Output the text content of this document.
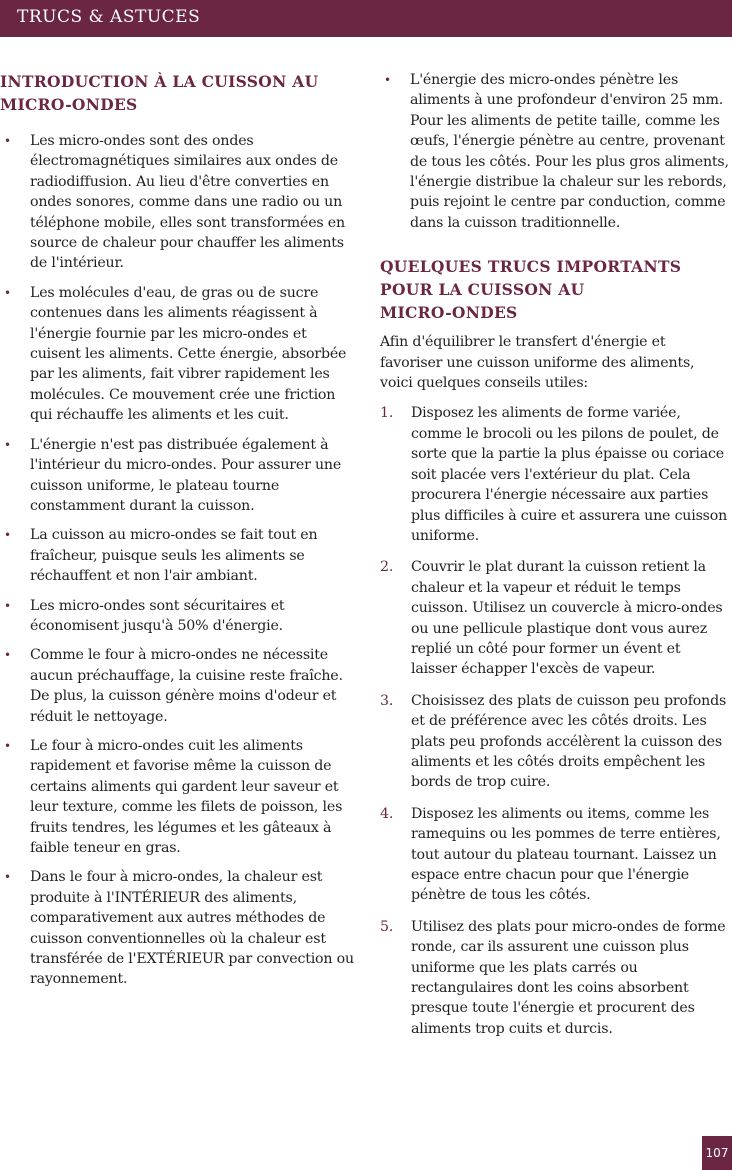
TRUCS & ASTUCES
INTRODUCTION À LA CUISSON AU
MICRO-ONDES
• Les micro-ondes sont des ondes électromagnétiques similaires aux ondes de radiodiffusion. Au lieu d'être converties en ondes sonores, comme dans une radio ou un téléphone mobile, elles sont transformées en source de chaleur pour chauffer les aliments de l'intérieur.
• Les molécules d'eau, de gras ou de sucre contenues dans les aliments réagissent à l'énergie fournie par les micro-ondes et cuisent les aliments. Cette énergie, absorbée par les aliments, fait vibrer rapidement les molécules. Ce mouvement crée une friction qui réchauffe les aliments et les cuit.
• L'énergie n'est pas distribuée également à l'intérieur du micro-ondes. Pour assurer une cuisson uniforme, le plateau tourne constamment durant la cuisson.
• La cuisson au micro-ondes se fait tout en fraîcheur, puisque seuls les aliments se réchauffent et non l'air ambiant.
• Les micro-ondes sont sécuritaires et économisent jusqu'à 50% d'énergie.
• Comme le four à micro-ondes ne nécessite aucun préchauffage, la cuisine reste fraîche. De plus, la cuisson génère moins d'odeur et réduit le nettoyage.
• Le four à micro-ondes cuit les aliments rapidement et favorise même la cuisson de certains aliments qui gardent leur saveur et leur texture, comme les filets de poisson, les fruits tendres, les légumes et les gâteaux à faible teneur en gras.
• Dans le four à micro-ondes, la chaleur est produite à l'INTÉRIEUR des aliments, comparativement aux autres méthodes de cuisson conventionnelles où la chaleur est transférée de l'EXTÉRIEUR par convection ou rayonnement.
• L'énergie des micro-ondes pénètre les aliments à une profondeur d'environ 25 mm. Pour les aliments de petite taille, comme les œufs, l'énergie pénètre au centre, provenant de tous les côtés. Pour les plus gros aliments, l'énergie distribue la chaleur sur les rebords, puis rejoint le centre par conduction, comme dans la cuisson traditionnelle.
QUELQUES TRUCS IMPORTANTS
POUR LA CUISSON AU
MICRO-ONDES

Afin d'équilibrer le transfert d'énergie et favoriser une cuisson uniforme des aliments, voici quelques conseils utiles:

1. Disposez les aliments de forme variée, comme le brocoli ou les pilons de poulet, de sorte que la partie la plus épaisse ou coriace soit placée vers l'extérieur du plat. Cela procurera l'énergie nécessaire aux parties plus difficiles à cuire et assurera une cuisson uniforme.
2. Couvrir le plat durant la cuisson retient la chaleur et la vapeur et réduit le temps cuisson. Utilisez un couvercle à micro-ondes ou une pellicule plastique dont vous aurez replié un côté pour former un évent et laisser échapper l'excès de vapeur.
3. Choisissez des plats de cuisson peu profonds et de préférence avec les côtés droits. Les plats peu profonds accélèrent la cuisson des aliments et les côtés droits empêchent les bords de trop cuire.
4. Disposez les aliments ou items, comme les ramequins ou les pommes de terre entières, tout autour du plateau tournant. Laissez un espace entre chacun pour que l'énergie pénètre de tous les côtés.
5. Utilisez des plats pour micro-ondes de forme ronde, car ils assurent une cuisson plus uniforme que les plats carrés ou rectangulaires dont les coins absorbent presque toute l'énergie et procurent des aliments trop cuits et durcis.
107
